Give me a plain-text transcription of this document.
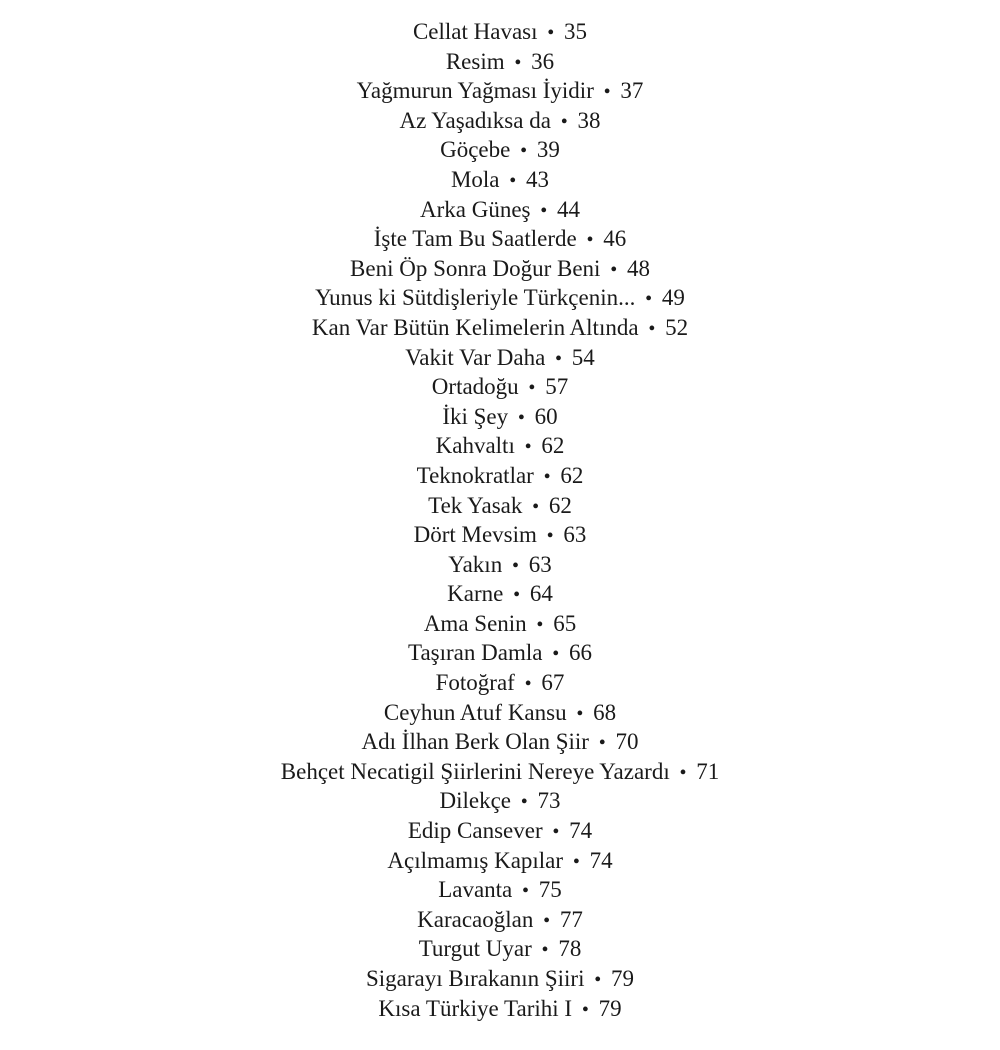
Cellat Havası • 35
Resim • 36
Yağmurun Yağması İyidir • 37
Az Yaşadıksa da • 38
Göçebe • 39
Mola • 43
Arka Güneş • 44
İşte Tam Bu Saatlerde • 46
Beni Öp Sonra Doğur Beni • 48
Yunus ki Sütdişleriyle Türkçenin... • 49
Kan Var Bütün Kelimelerin Altında • 52
Vakit Var Daha • 54
Ortadoğu • 57
İki Şey • 60
Kahvaltı • 62
Teknokratlar • 62
Tek Yasak • 62
Dört Mevsim • 63
Yakın • 63
Karne • 64
Ama Senin • 65
Taşıran Damla • 66
Fotoğraf • 67
Ceyhun Atuf Kansu • 68
Adı İlhan Berk Olan Şiir • 70
Behçet Necatigil Şiirlerini Nereye Yazardı • 71
Dilekçe • 73
Edip Cansever • 74
Açılmamış Kapılar • 74
Lavanta • 75
Karacaoğlan • 77
Turgut Uyar • 78
Sigarayı Bırakanın Şiiri • 79
Kısa Türkiye Tarihi I • 79
